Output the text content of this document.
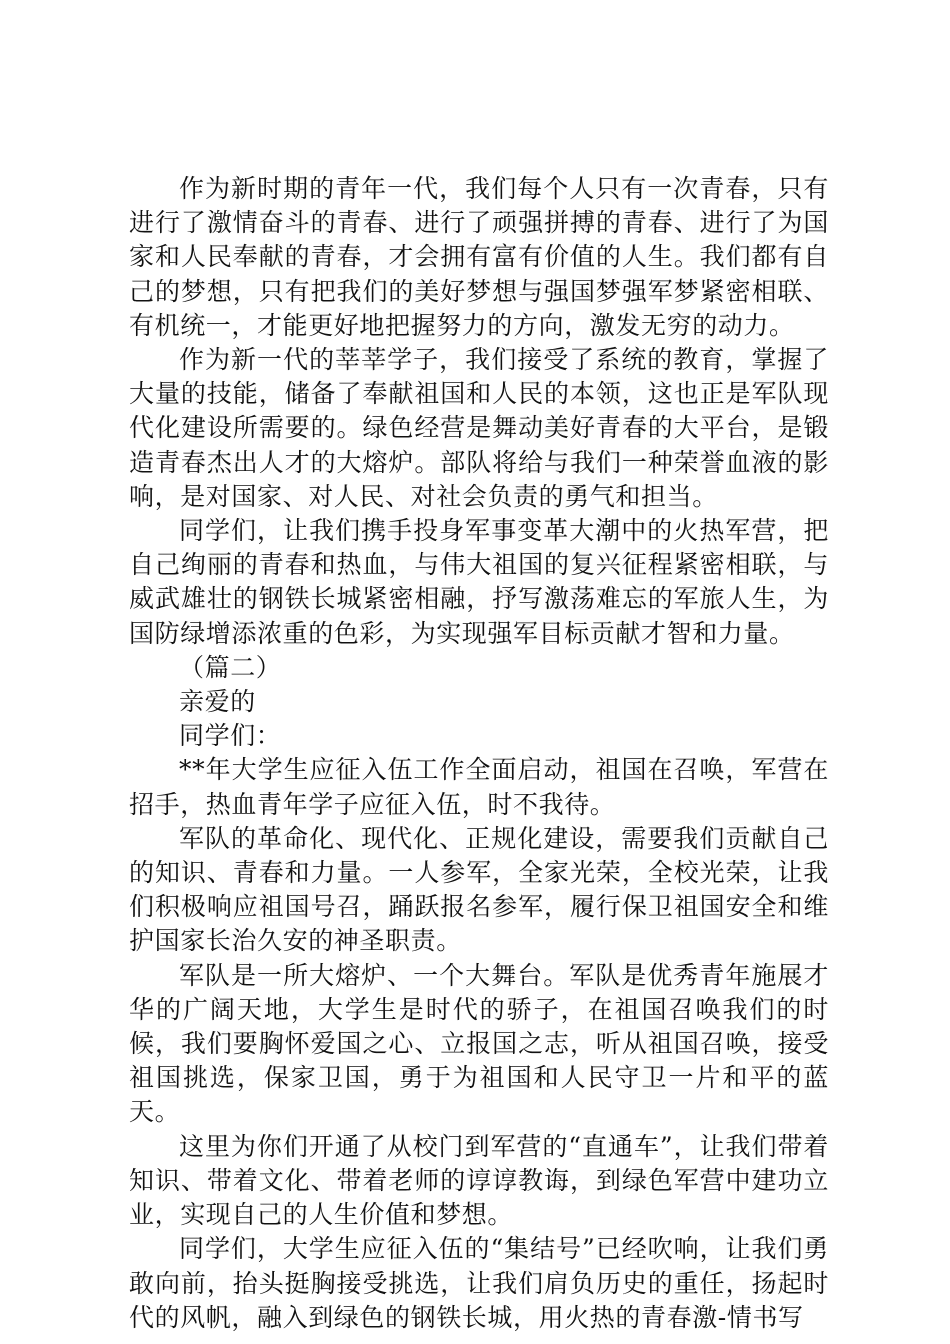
作为新时期的青年一代，我们每个人只有一次青春，只有进行了激情奋斗的青春、进行了顽强拼搏的青春、进行了为国家和人民奉献的青春，才会拥有富有价值的人生。我们都有自己的梦想，只有把我们的美好梦想与强国梦强军梦紧密相联、有机统一，才能更好地把握努力的方向，激发无穷的动力。

作为新一代的莘莘学子，我们接受了系统的教育，掌握了大量的技能，储备了奉献祖国和人民的本领，这也正是军队现代化建设所需要的。绿色经营是舞动美好青春的大平台，是锻造青春杰出人才的大熔炉。部队将给与我们一种荣誉血液的影响，是对国家、对人民、对社会负责的勇气和担当。

同学们，让我们携手投身军事变革大潮中的火热军营，把自己绚丽的青春和热血，与伟大祖国的复兴征程紧密相联，与威武雄壮的钢铁长城紧密相融，抒写激荡难忘的军旅人生，为国防绿增添浓重的色彩，为实现强军目标贡献才智和力量。

（篇二）

亲爱的

同学们：

**年大学生应征入伍工作全面启动，祖国在召唤，军营在招手，热血青年学子应征入伍，时不我待。

军队的革命化、现代化、正规化建设，需要我们贡献自己的知识、青春和力量。一人参军，全家光荣，全校光荣，让我们积极响应祖国号召，踊跃报名参军，履行保卫祖国安全和维护国家长治久安的神圣职责。

军队是一所大熔炉、一个大舞台。军队是优秀青年施展才华的广阔天地，大学生是时代的骄子，在祖国召唤我们的时候，我们要胸怀爱国之心、立报国之志，听从祖国召唤，接受祖国挑选，保家卫国，勇于为祖国和人民守卫一片和平的蓝天。

这里为你们开通了从校门到军营的“直通车”，让我们带着知识、带着文化、带着老师的谆谆教诲，到绿色军营中建功立业，实现自己的人生价值和梦想。

同学们，大学生应征入伍的“集结号”已经吹响，让我们勇敢向前，抬头挺胸接受挑选，让我们肩负历史的重任，扬起时代的风帆，融入到绿色的钢铁长城，用火热的青春激-情书写
